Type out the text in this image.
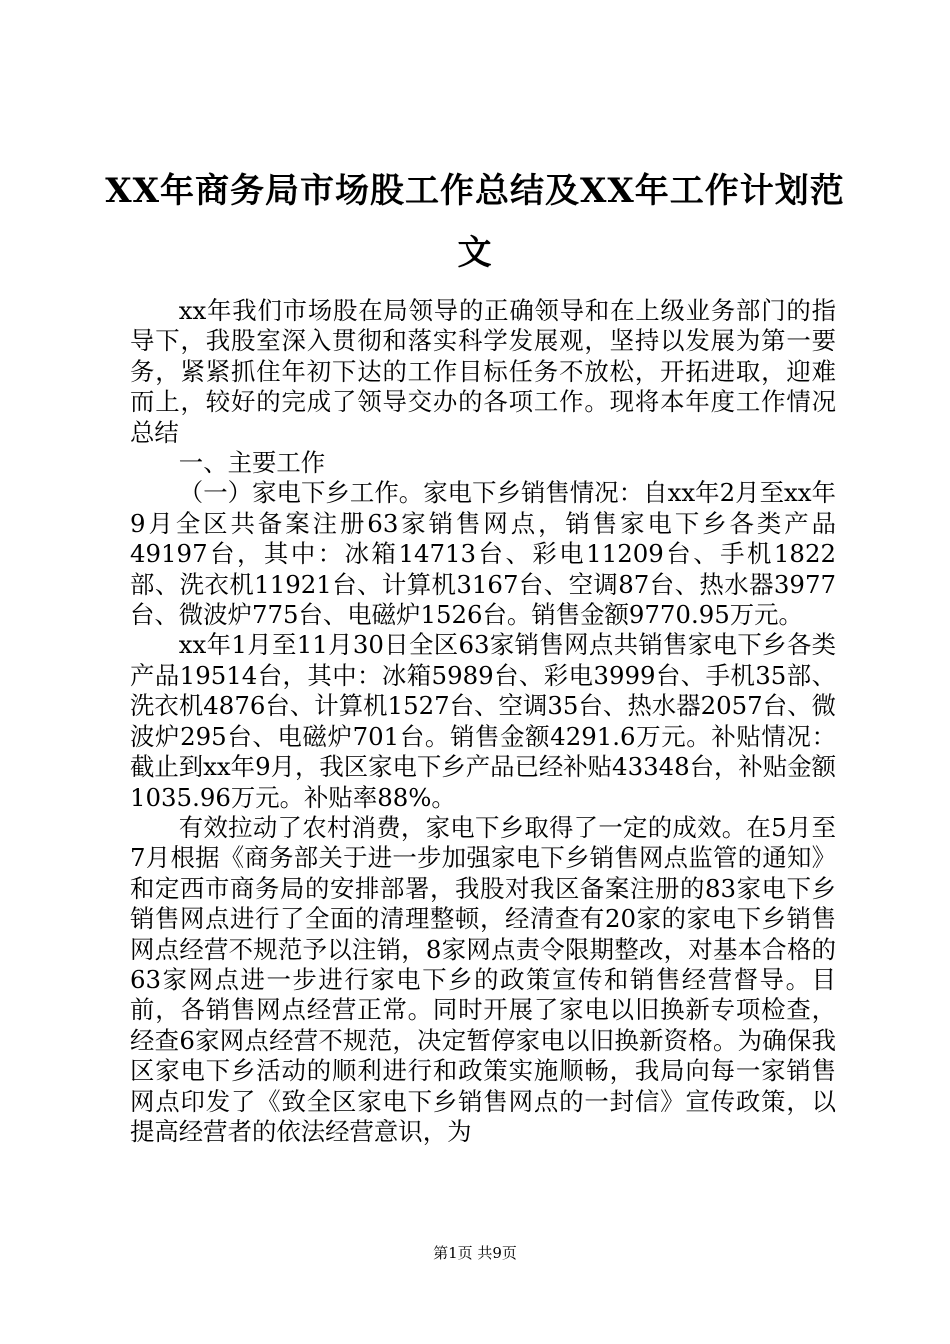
XX年商务局市场股工作总结及XX年工作计划范文

xx年我们市场股在局领导的正确领导和在上级业务部门的指导下，我股室深入贯彻和落实科学发展观，坚持以发展为第一要务，紧紧抓住年初下达的工作目标任务不放松，开拓进取，迎难而上，较好的完成了领导交办的各项工作。现将本年度工作情况总结

一、主要工作

（一）家电下乡工作。家电下乡销售情况：自xx年2月至xx年9月全区共备案注册63家销售网点，销售家电下乡各类产品49197台，其中：冰箱14713台、彩电11209台、手机1822部、洗衣机11921台、计算机3167台、空调87台、热水器3977台、微波炉775台、电磁炉1526台。销售金额9770.95万元。

xx年1月至11月30日全区63家销售网点共销售家电下乡各类产品19514台，其中：冰箱5989台、彩电3999台、手机35部、洗衣机4876台、计算机1527台、空调35台、热水器2057台、微波炉295台、电磁炉701台。销售金额4291.6万元。补贴情况：截止到xx年9月，我区家电下乡产品已经补贴43348台，补贴金额1035.96万元。补贴率88%。

有效拉动了农村消费，家电下乡取得了一定的成效。在5月至7月根据《商务部关于进一步加强家电下乡销售网点监管的通知》和定西市商务局的安排部署，我股对我区备案注册的83家电下乡销售网点进行了全面的清理整顿，经清查有20家的家电下乡销售网点经营不规范予以注销，8家网点责令限期整改，对基本合格的63家网点进一步进行家电下乡的政策宣传和销售经营督导。目前，各销售网点经营正常。同时开展了家电以旧换新专项检查，经查6家网点经营不规范，决定暂停家电以旧换新资格。为确保我区家电下乡活动的顺利进行和政策实施顺畅，我局向每一家销售网点印发了《致全区家电下乡销售网点的一封信》宣传政策，以提高经营者的依法经营意识，为

第1页 共9页
